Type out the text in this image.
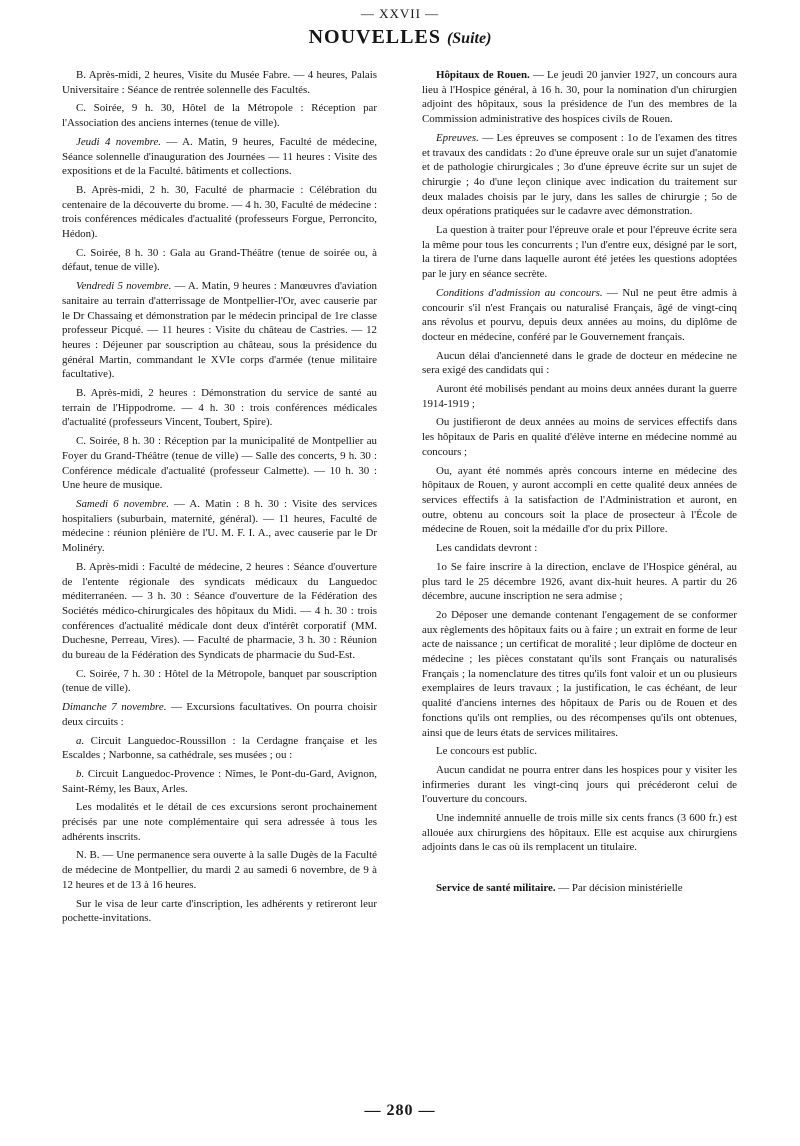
— XXVII —
NOUVELLES (Suite)

B. Après-midi, 2 heures, Visite du Musée Fabre. — 4 heures, Palais Universitaire : Séance de rentrée solennelle des Facultés.

C. Soirée, 9 h. 30, Hôtel de la Métropole : Réception par l'Association des anciens internes (tenue de ville).

Jeudi 4 novembre. — A. Matin, 9 heures, Faculté de médecine, Séance solennelle d'inauguration des Journées — 11 heures : Visite des expositions et de la Faculté. bâtiments et collections.

B. Après-midi, 2 h. 30, Faculté de pharmacie : Célébration du centenaire de la découverte du brome. — 4 h. 30, Faculté de médecine : trois conférences médicales d'actualité (professeurs Forgue, Perroncito, Hédon).

C. Soirée, 8 h. 30 : Gala au Grand-Théâtre (tenue de soirée ou, à défaut, tenue de ville).

Vendredi 5 novembre. — A. Matin, 9 heures : Manœuvres d'aviation sanitaire au terrain d'atterrissage de Montpellier-l'Or, avec causerie par le Dr Chassaing et démonstration par le médecin principal de 1re classe professeur Picqué. — 11 heures : Visite du château de Castries. — 12 heures : Déjeuner par souscription au château, sous la présidence du général Martin, commandant le XVIe corps d'armée (tenue militaire facultative).

B. Après-midi, 2 heures : Démonstration du service de santé au terrain de l'Hippodrome. — 4 h. 30 : trois conférences médicales d'actualité (professeurs Vincent, Toubert, Spire).

C. Soirée, 8 h. 30 : Réception par la municipalité de Montpellier au Foyer du Grand-Théâtre (tenue de ville) — Salle des concerts, 9 h. 30 : Conférence médicale d'actualité (professeur Calmette). — 10 h. 30 : Une heure de musique.

Samedi 6 novembre. — A. Matin : 8 h. 30 : Visite des services hospitaliers (suburbain, maternité, général). — 11 heures, Faculté de médecine : réunion plénière de l'U. M. F. I. A., avec causerie par le Dr Molinéry.

B. Après-midi : Faculté de médecine, 2 heures : Séance d'ouverture de l'entente régionale des syndicats médicaux du Languedoc méditerranéen. — 3 h. 30 : Séance d'ouverture de la Fédération des Sociétés médico-chirurgicales des hôpitaux du Midi. — 4 h. 30 : trois conférences d'actualité médicale dont deux d'intérêt corporatif (MM. Duchesne, Perreau, Vires). — Faculté de pharmacie, 3 h. 30 : Réunion du bureau de la Fédération des Syndicats de pharmacie du Sud-Est.

C. Soirée, 7 h. 30 : Hôtel de la Métropole, banquet par souscription (tenue de ville).

Dimanche 7 novembre. — Excursions facultatives. On pourra choisir deux circuits :

a. Circuit Languedoc-Roussillon : la Cerdagne française et les Escaldes ; Narbonne, sa cathédrale, ses musées ; ou :

b. Circuit Languedoc-Provence : Nîmes, le Pont-du-Gard, Avignon, Saint-Rémy, les Baux, Arles.

Les modalités et le détail de ces excursions seront prochainement précisés par une note complémentaire qui sera adressée à tous les adhérents inscrits.

N. B. — Une permanence sera ouverte à la salle Dugès de la Faculté de médecine de Montpellier, du mardi 2 au samedi 6 novembre, de 9 à 12 heures et de 13 à 16 heures.

Sur le visa de leur carte d'inscription, les adhérents y retireront leur pochette-invitations.

Hôpitaux de Rouen. — Le jeudi 20 janvier 1927, un concours aura lieu à l'Hospice général, à 16 h. 30, pour la nomination d'un chirurgien adjoint des hôpitaux, sous la présidence de l'un des membres de la Commission administrative des hospices civils de Rouen.

Epreuves. — Les épreuves se composent : 1o de l'examen des titres et travaux des candidats : 2o d'une épreuve orale sur un sujet d'anatomie et de pathologie chirurgicales ; 3o d'une épreuve écrite sur un sujet de chirurgie ; 4o d'une leçon clinique avec indication du traitement sur deux malades choisis par le jury, dans les salles de chirurgie ; 5o de deux opérations pratiquées sur le cadavre avec démonstration.

La question à traiter pour l'épreuve orale et pour l'épreuve écrite sera la même pour tous les concurrents ; l'un d'entre eux, désigné par le sort, la tirera de l'urne dans laquelle auront été jetées les questions adoptées par le jury en séance secrète.

Conditions d'admission au concours. — Nul ne peut être admis à concourir s'il n'est Français ou naturalisé Français, âgé de vingt-cinq ans révolus et pourvu, depuis deux années au moins, du diplôme de docteur en médecine, conféré par le Gouvernement français.

Aucun délai d'ancienneté dans le grade de docteur en médecine ne sera exigé des candidats qui :

Auront été mobilisés pendant au moins deux années durant la guerre 1914-1919 ;

Ou justifieront de deux années au moins de services effectifs dans les hôpitaux de Paris en qualité d'élève interne en médecine nommé au concours ;

Ou, ayant été nommés après concours interne en médecine des hôpitaux de Rouen, y auront accompli en cette qualité deux années de services effectifs à la satisfaction de l'Administration et auront, en outre, obtenu au concours soit la place de prosecteur à l'École de médecine de Rouen, soit la médaille d'or du prix Pillore.

Les candidats devront :

1o Se faire inscrire à la direction, enclave de l'Hospice général, au plus tard le 25 décembre 1926, avant dix-huit heures. A partir du 26 décembre, aucune inscription ne sera admise ;

2o Déposer une demande contenant l'engagement de se conformer aux règlements des hôpitaux faits ou à faire ; un extrait en forme de leur acte de naissance ; un certificat de moralité ; leur diplôme de docteur en médecine ; les pièces constatant qu'ils sont Français ou naturalisés Français ; la nomenclature des titres qu'ils font valoir et un ou plusieurs exemplaires de leurs travaux ; la justification, le cas échéant, de leur qualité d'anciens internes des hôpitaux de Paris ou de Rouen et des fonctions qu'ils ont remplies, ou des récompenses qu'ils ont obtenues, ainsi que de leurs états de services militaires.

Le concours est public.

Aucun candidat ne pourra entrer dans les hospices pour y visiter les infirmeries durant les vingt-cinq jours qui précéderont celui de l'ouverture du concours.

Une indemnité annuelle de trois mille six cents francs (3 600 fr.) est allouée aux chirurgiens des hôpitaux. Elle est acquise aux chirurgiens adjoints dans le cas où ils remplacent un titulaire.

Service de santé militaire. — Par décision ministérielle

— 280 —
